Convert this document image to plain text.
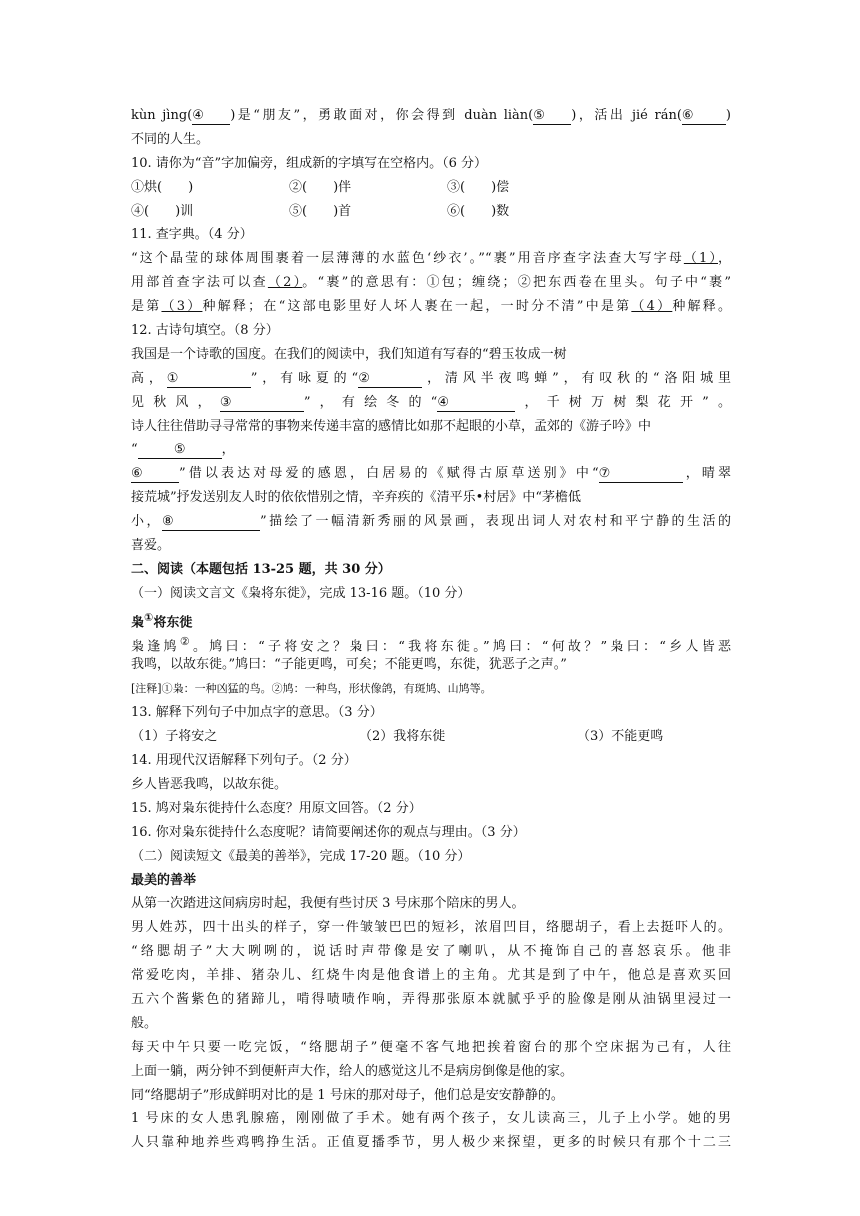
kùn jìng(④ )是“朋友”，勇敢面对，你会得到 duàn liàn(⑤ )，活出 jié rán(⑥ )
不同的人生。
10. 请你为“音”字加偏旁，组成新的字填写在空格内。（6 分）
①烘(　　)	②(　　)伴	③(　　)偿
④(　　)训	⑤(　　)首	⑥(　　)数
11. 查字典。（4 分）
“这个晶莹的球体周围裹着一层薄薄的水蓝色‘纱衣’。”“裹”用音序查字法查大写字母（1），
用部首查字法可以查（2）。“裹”的意思有：①包；缠绕；②把东西卷在里头。句子中“裹”
是第（3）种解释；在“这部电影里好人坏人裹在一起，一时分不清”中是第（4）种解释。
12. 古诗句填空。（8 分）
我国是一个诗歌的国度。在我们的阅读中，我们知道有写春的“碧玉妆成一树
高，①	”，有咏夏的“②	，清风半夜鸣蝉”，有叹秋的“洛阳城里
见秋风，③	”，有绘冬的“④	，千树万树梨花开”。
诗人往往借助寻寻常常的事物来传递丰富的感情比如那不起眼的小草，孟郊的《游子吟》中
“	⑤	，
⑥	”借以表达对母爱的感恩，白居易的《赋得古原草送别》中“⑦	，晴翠
接荒城”抒发送别友人时的依依惜别之情，辛弃疾的《清平乐•村居》中“茅檐低
小，⑧	”描绘了一幅清新秀丽的风景画，表现出词人对农村和平宁静的生活的
喜爱。
二、阅读（本题包括 13-25 题，共 30 分）
（一）阅读文言文《枭将东徙》，完成 13-16 题。（10 分）
枭①将东徙
枭逢鸠②。鸠曰：“子将安之？枭曰：“我将东徙。”鸠曰：“何故？”枭曰：“乡人皆恶
我鸣，以故东徙。”鸠曰：“子能更鸣，可矣；不能更鸣，东徙，犹恶子之声。”
[注释]①枭：一种凶猛的鸟。②鸠：一种鸟，形状像鸽，有斑鸠、山鸠等。
13. 解释下列句子中加点字的意思。（3 分）
（1）子将安之	（2）我将东徙	（3）不能更鸣
14. 用现代汉语解释下列句子。（2 分）
乡人皆恶我鸣，以故东徙。
15. 鸠对枭东徙持什么态度？用原文回答。（2 分）
16. 你对枭东徙持什么态度呢？请简要阐述你的观点与理由。（3 分）
（二）阅读短文《最美的善举》，完成 17-20 题。（10 分）
最美的善举
从第一次踏进这间病房时起，我便有些讨厌 3 号床那个陪床的男人。
男人姓苏，四十出头的样子，穿一件皱皱巴巴的短衫，浓眉凹目，络腮胡子，看上去挺吓人的。
“络腮胡子”大大咧咧的，说话时声带像是安了喇叭，从不掩饰自己的喜怒哀乐。他非
常爱吃肉，羊排、猪杂儿、红烧牛肉是他食谱上的主角。尤其是到了中午，他总是喜欢买回
五六个酱紫色的猪蹄儿，啃得啧啧作响，弄得那张原本就腻乎乎的脸像是刚从油锅里浸过一
般。
每天中午只要一吃完饭，“络腮胡子”便毫不客气地把挨着窗台的那个空床据为己有，人往
上面一躺，两分钟不到便鼾声大作，给人的感觉这儿不是病房倒像是他的家。
同“络腮胡子”形成鲜明对比的是 1 号床的那对母子，他们总是安安静静的。
1 号床的女人患乳腺癌，刚刚做了手术。她有两个孩子，女儿读高三，儿子上小学。她的男
人只靠种地养些鸡鸭挣生活。正值夏播季节，男人极少来探望，更多的时候只有那个十二三
